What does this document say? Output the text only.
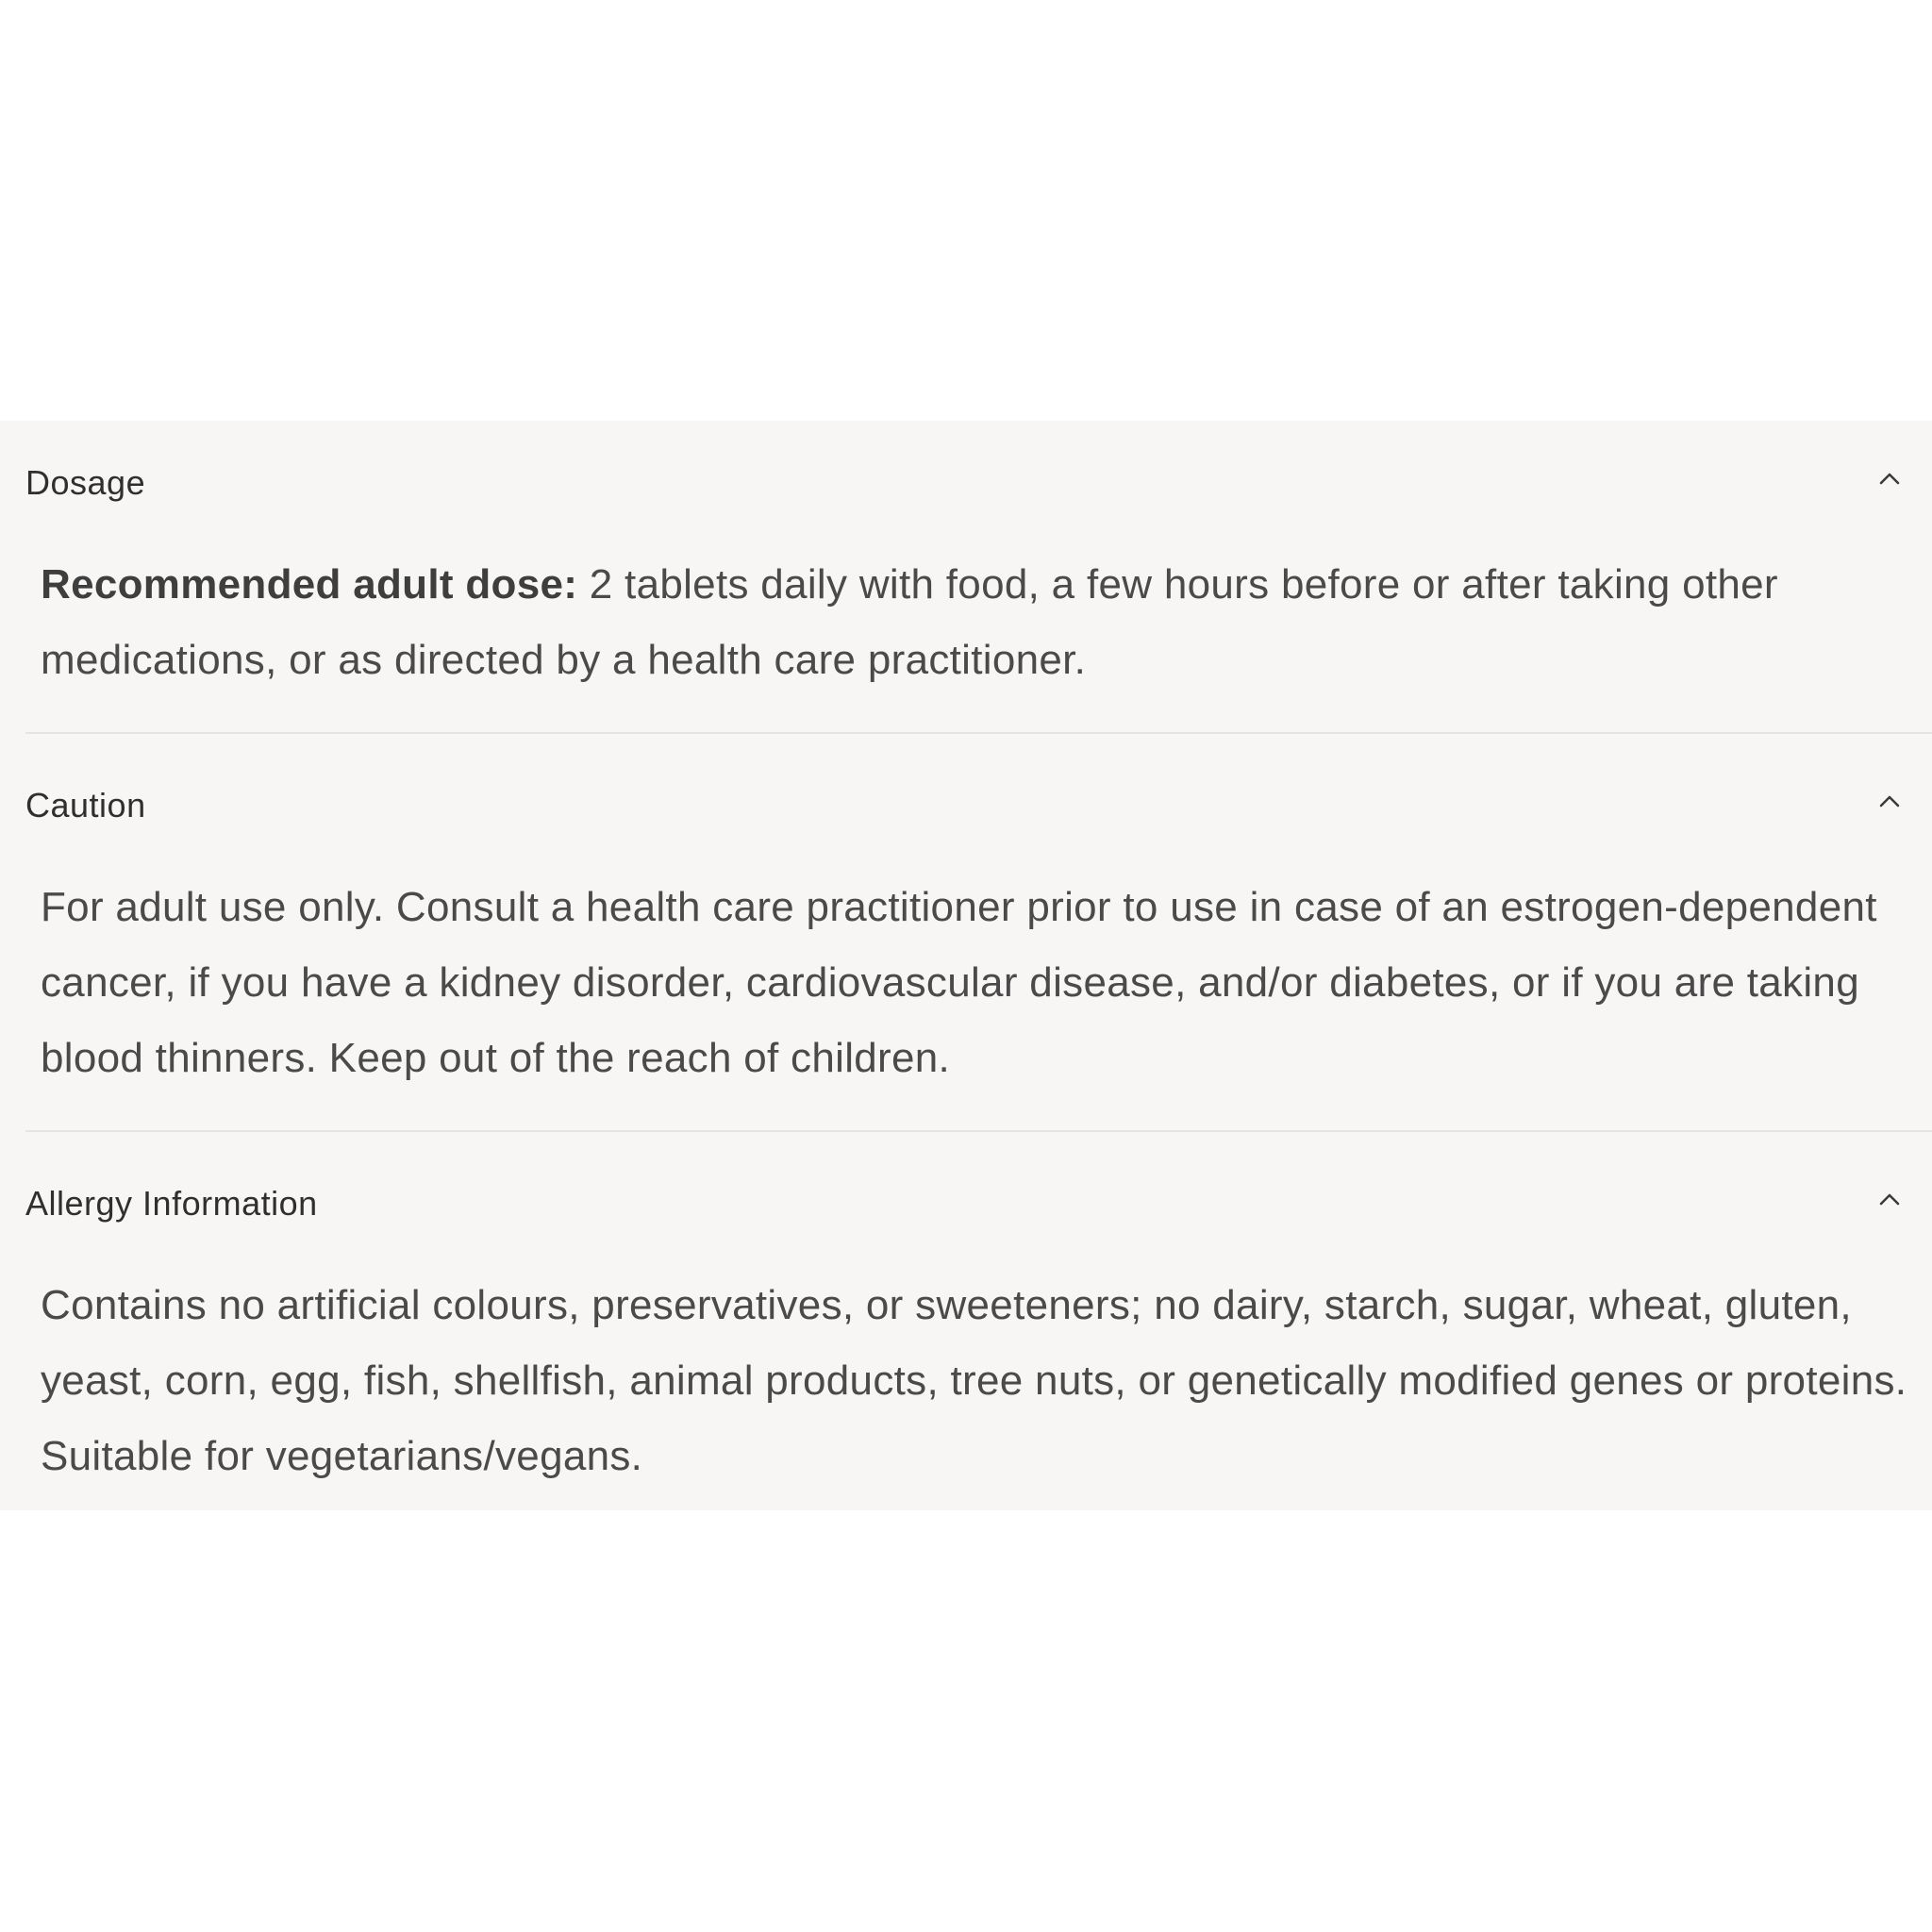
Dosage
Recommended adult dose: 2 tablets daily with food, a few hours before or after taking other medications, or as directed by a health care practitioner.
Caution
For adult use only. Consult a health care practitioner prior to use in case of an estrogen-dependent cancer, if you have a kidney disorder, cardiovascular disease, and/or diabetes, or if you are taking blood thinners. Keep out of the reach of children.
Allergy Information
Contains no artificial colours, preservatives, or sweeteners; no dairy, starch, sugar, wheat, gluten, yeast, corn, egg, fish, shellfish, animal products, tree nuts, or genetically modified genes or proteins. Suitable for vegetarians/vegans.
